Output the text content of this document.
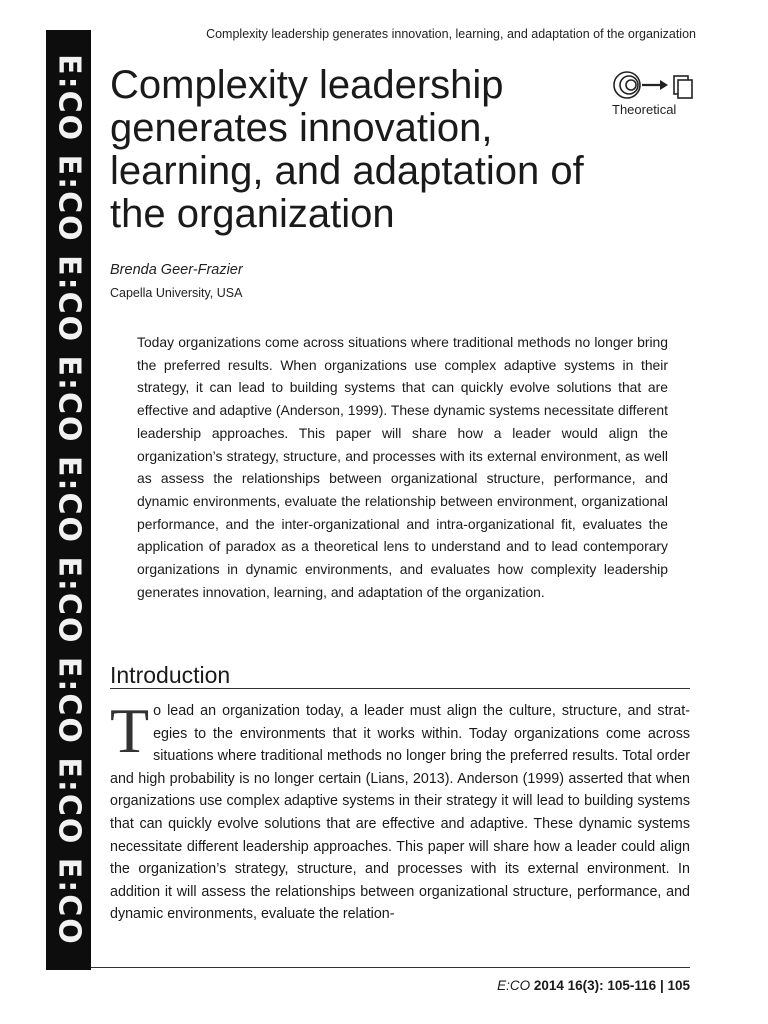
Complexity leadership generates innovation, learning, and adaptation of the organization
E:CO E:CO E:CO E:CO E:CO E:CO E:CO E:CO E:CO Complexity leadership generates innovation, learning, and adaptation of the organization
Theoretical
Brenda Geer-Frazier
Capella University, USA

Today organizations come across situations where traditional methods no longer bring the preferred results. When organizations use complex adaptive systems in their strategy, it can lead to building systems that can quickly evolve solutions that are effective and adaptive (Anderson, 1999). These dynamic systems necessitate different leadership approaches. This paper will share how a leader would align the organization’s strategy, structure, and processes with its external environment, as well as assess the relationships between organizational structure, performance, and dynamic environments, evaluate the relationship between environment, organizational performance, and the inter-organizational and intra-organizational fit, evaluates the application of paradox as a theoretical lens to understand and to lead contemporary organizations in dynamic environments, and evaluates how complexity leadership generates innovation, learning, and adaptation of the organization.

Introduction

To lead an organization today, a leader must align the culture, structure, and strategies to the environments that it works within. Today organizations come across situations where traditional methods no longer bring the preferred results. Total order and high probability is no longer certain (Lians, 2013). Anderson (1999) asserted that when organizations use complex adaptive systems in their strategy it will lead to building systems that can quickly evolve solutions that are effective and adaptive. These dynamic systems necessitate different leadership approaches. This paper will share how a leader could align the organization’s strategy, structure, and processes with its external environment. In addition it will assess the relationships between organizational structure, performance, and dynamic environments, evaluate the relation-

E:CO 2014 16(3): 105-116 | 105
